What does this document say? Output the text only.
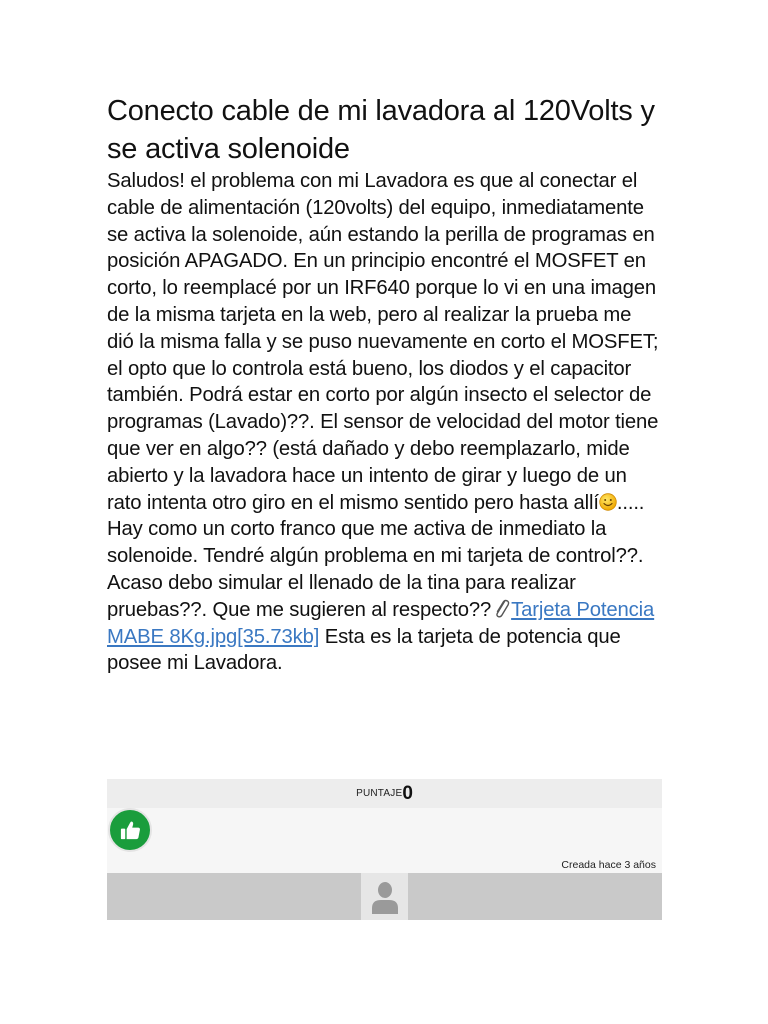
Conecto cable de mi lavadora al 120Volts y se activa solenoide

Saludos! el problema con mi Lavadora es que al conectar el cable de alimentación (120volts) del equipo, inmediatamente se activa la solenoide, aún estando la perilla de programas en posición APAGADO. En un principio encontré el MOSFET en corto, lo reemplacé por un IRF640 porque lo vi en una imagen de la misma tarjeta en la web, pero al realizar la prueba me dió la misma falla y se puso nuevamente en corto el MOSFET; el opto que lo controla está bueno, los diodos y el capacitor también. Podrá estar en corto por algún insecto el selector de programas (Lavado)??. El sensor de velocidad del motor tiene que ver en algo?? (está dañado y debo reemplazarlo, mide abierto y la lavadora hace un intento de girar y luego de un rato intenta otro giro en el mismo sentido pero hasta allí ..... Hay como un corto franco que me activa de inmediato la solenoide. Tendré algún problema en mi tarjeta de control??. Acaso debo simular el llenado de la tina para realizar pruebas??. Que me sugieren al respecto?? Tarjeta Potencia MABE 8Kg.jpg[35.73kb] Esta es la tarjeta de potencia que posee mi Lavadora.

PUNTAJE0
Creada hace 3 años
